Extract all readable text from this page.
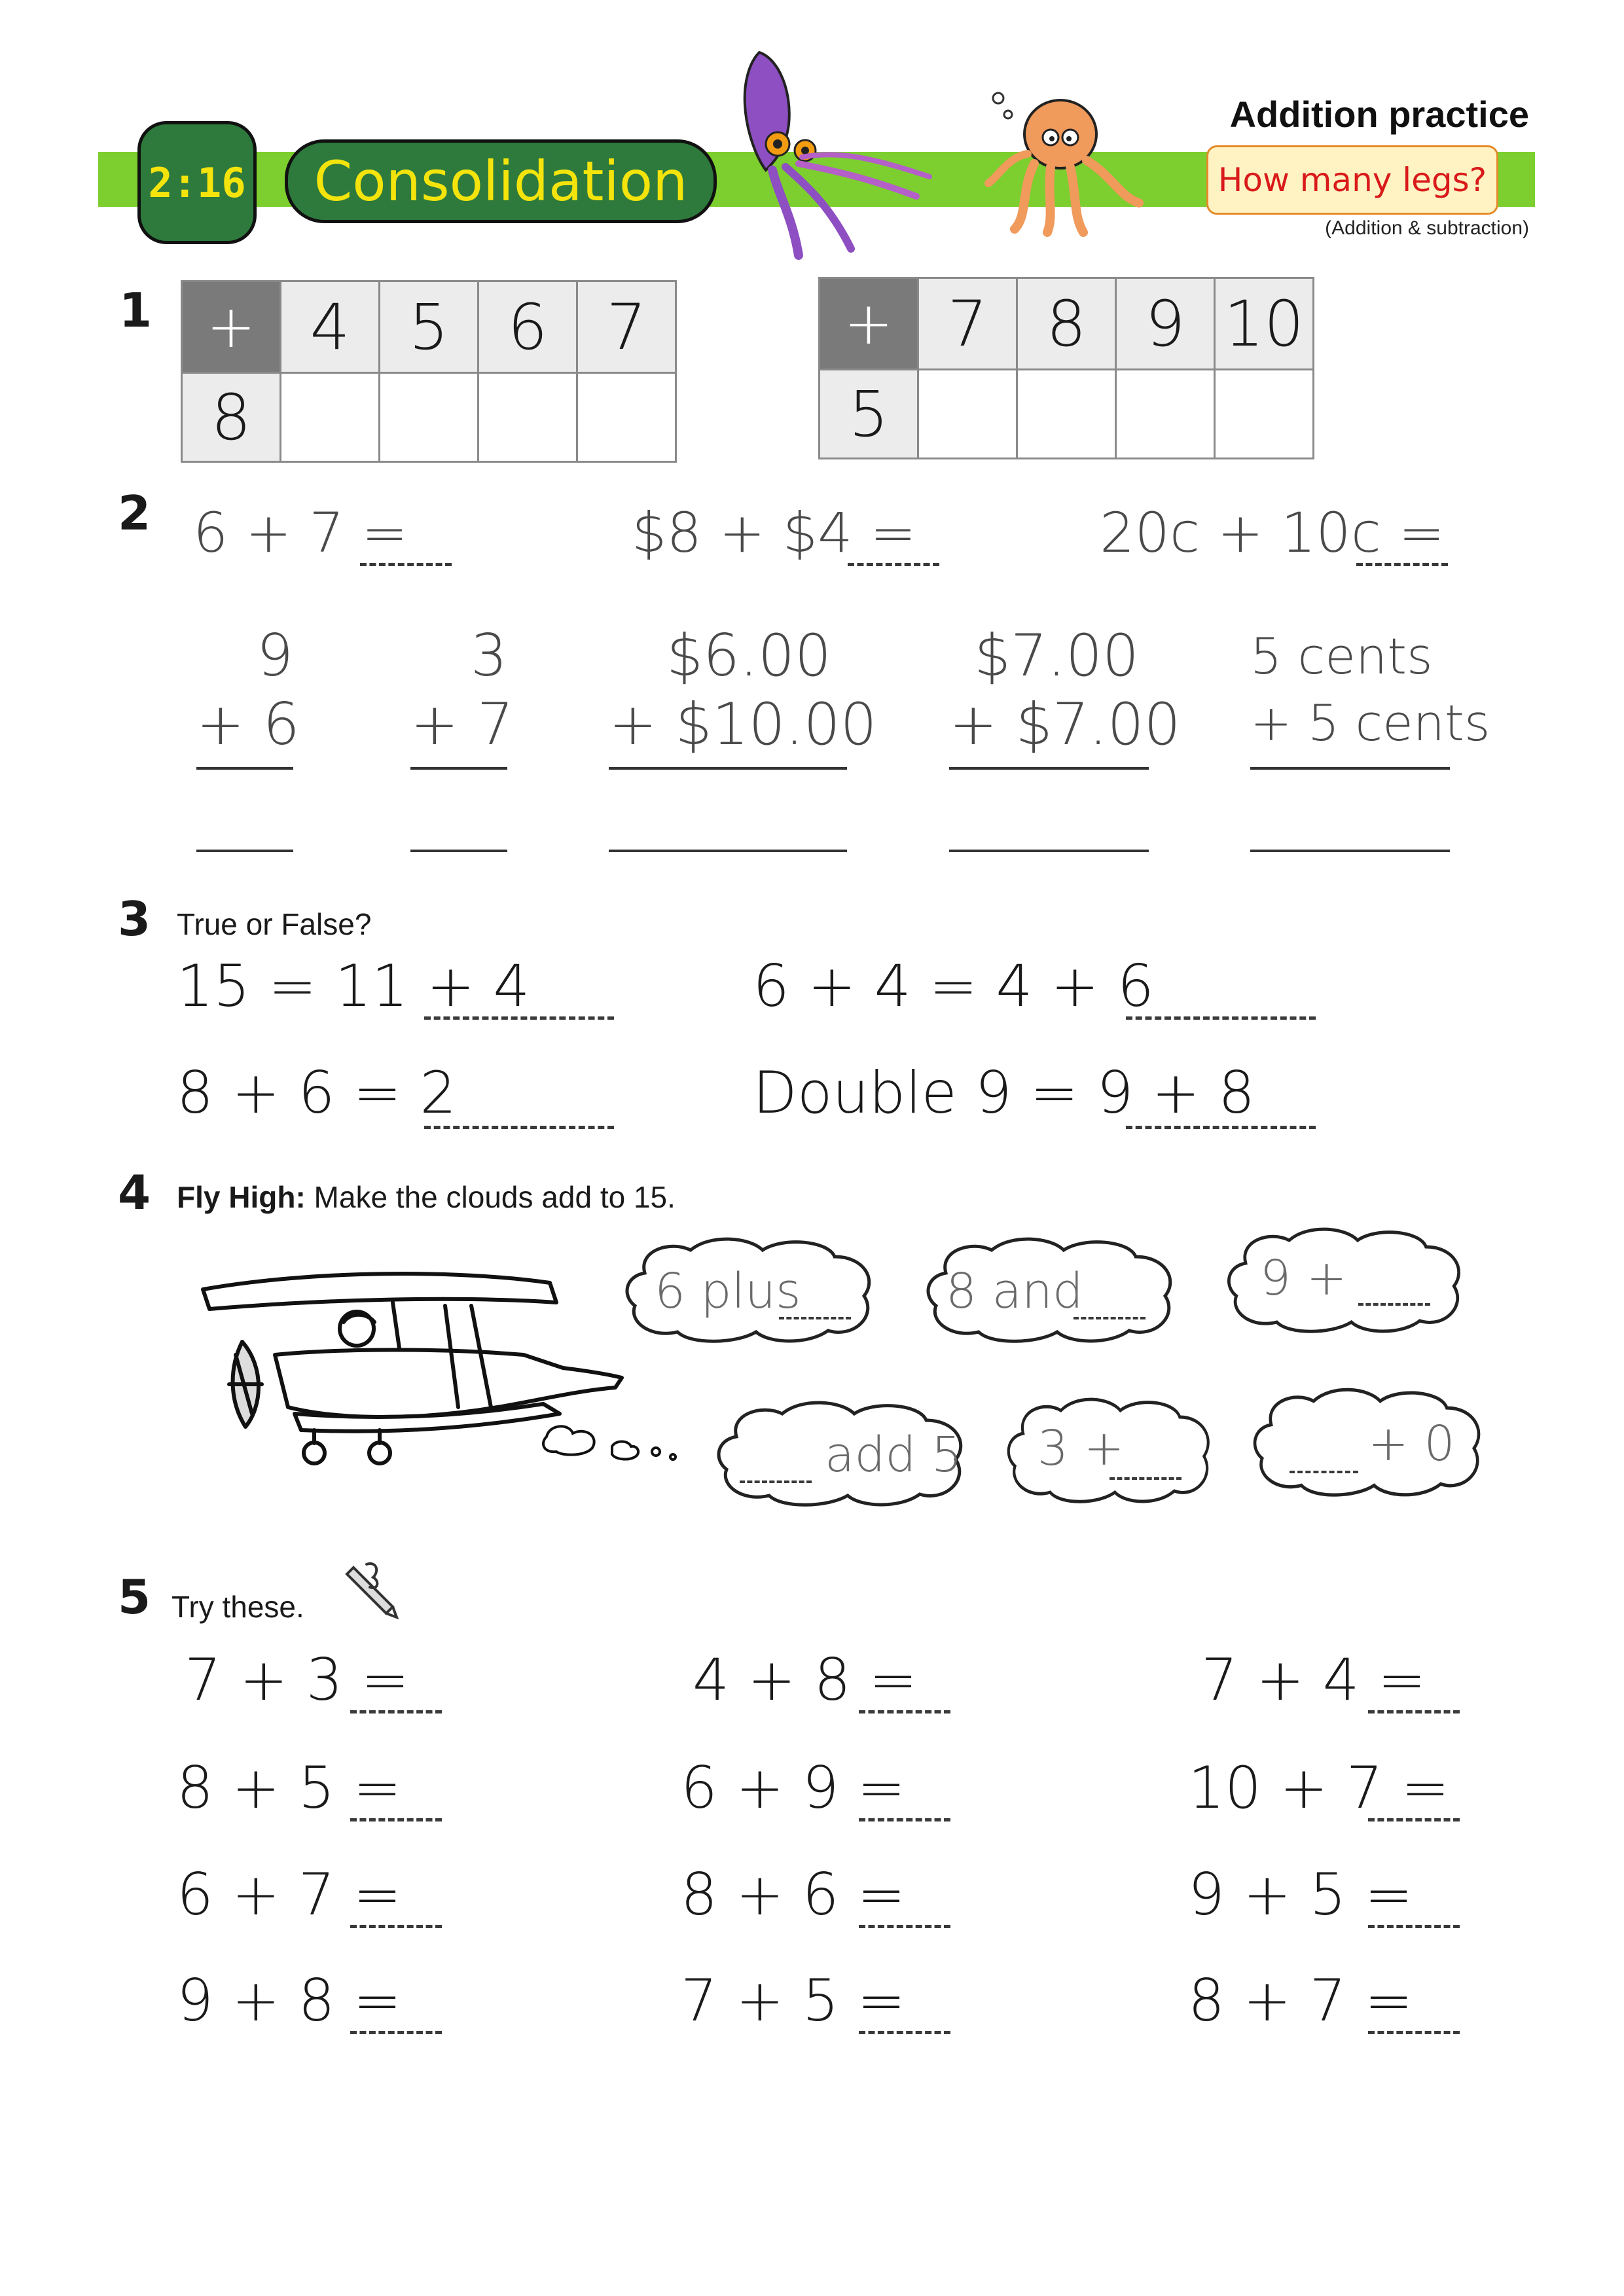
2:16 Consolidation
Addition practice
How many legs?
(Addition & subtraction)
1 +	4	5	6	7
8				
+	7	8	9	10
5				
2 6 + 7 =	$8 + $4 =	20c + 10c =
9
+ 6
3
+ 7
$6.00
+ $10.00
$7.00
+ $7.00
5 cents
+ 5 cents
3 True or False?
15 = 11 + 4	6 + 4 = 4 + 6
8 + 6 = 2	Double 9 = 9 + 8
4 Fly High: Make the clouds add to 15.
6 plus	8 and	9 +
add 5 3 +	+ 0
5 Try these.
7 + 3 =	4 + 8 =	7 + 4 =
8 + 5 =	6 + 9 =	10 + 7 =
6 + 7 =	8 + 6 =	9 + 5 =
9 + 8 =	7 + 5 =	8 + 7 =
